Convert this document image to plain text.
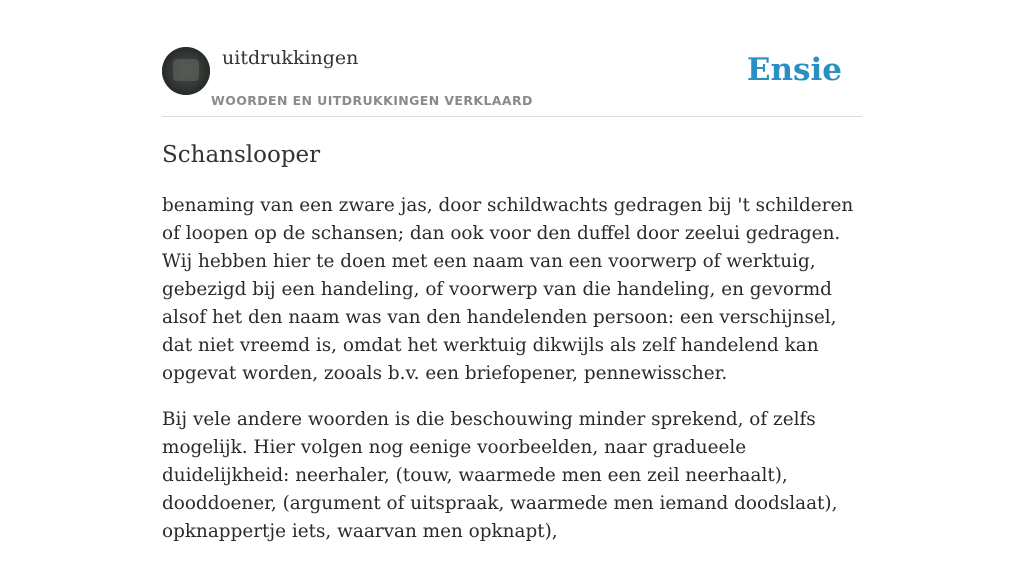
uitdrukkingen
WOORDEN EN UITDRUKKINGEN VERKLAARD
Ensie
Schanslooper

benaming van een zware jas, door schildwachts gedragen bij 't schilderen of loopen op de schansen; dan ook voor den duffel door zeelui gedragen. Wij hebben hier te doen met een naam van een voorwerp of werktuig, gebezigd bij een handeling, of voorwerp van die handeling, en gevormd alsof het den naam was van den handelenden persoon: een verschijnsel, dat niet vreemd is, omdat het werktuig dikwijls als zelf handelend kan opgevat worden, zooals b.v. een briefopener, pennewisscher.

Bij vele andere woorden is die beschouwing minder sprekend, of zelfs mogelijk. Hier volgen nog eenige voorbeelden, naar gradueele duidelijkheid: neerhaler, (touw, waarmede men een zeil neerhaalt), dooddoener, (argument of uitspraak, waarmede men iemand doodslaat), opknappertje iets, waarvan men opknapt),
